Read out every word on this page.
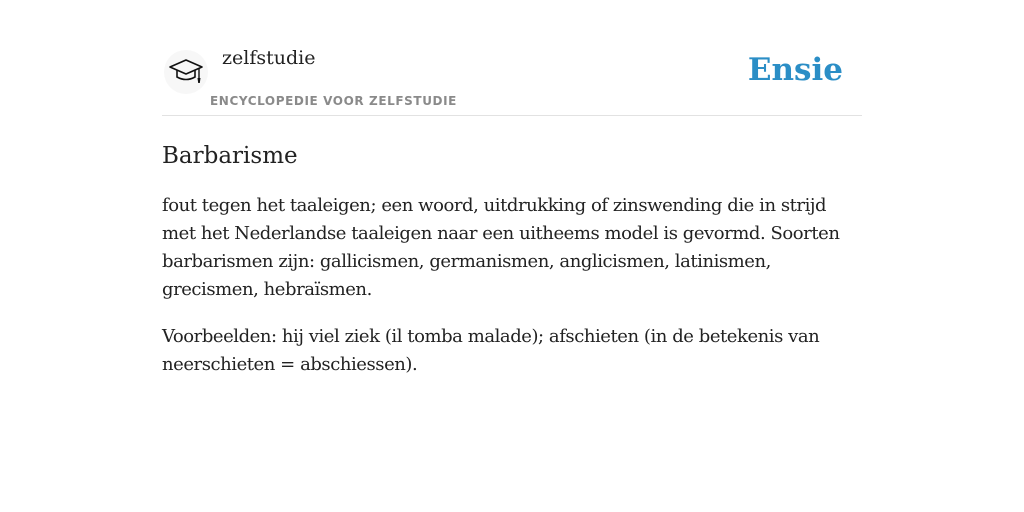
zelfstudie
ENCYCLOPEDIE VOOR ZELFSTUDIE
Ensie
Barbarisme

fout tegen het taaleigen; een woord, uitdrukking of zinswending die in strijd met het Nederlandse taaleigen naar een uitheems model is gevormd. Soorten barbarismen zijn: gallicismen, germanismen, anglicismen, latinismen, grecismen, hebraïsmen.

Voorbeelden: hij viel ziek (il tomba malade); afschieten (in de betekenis van neerschieten = abschiessen).
